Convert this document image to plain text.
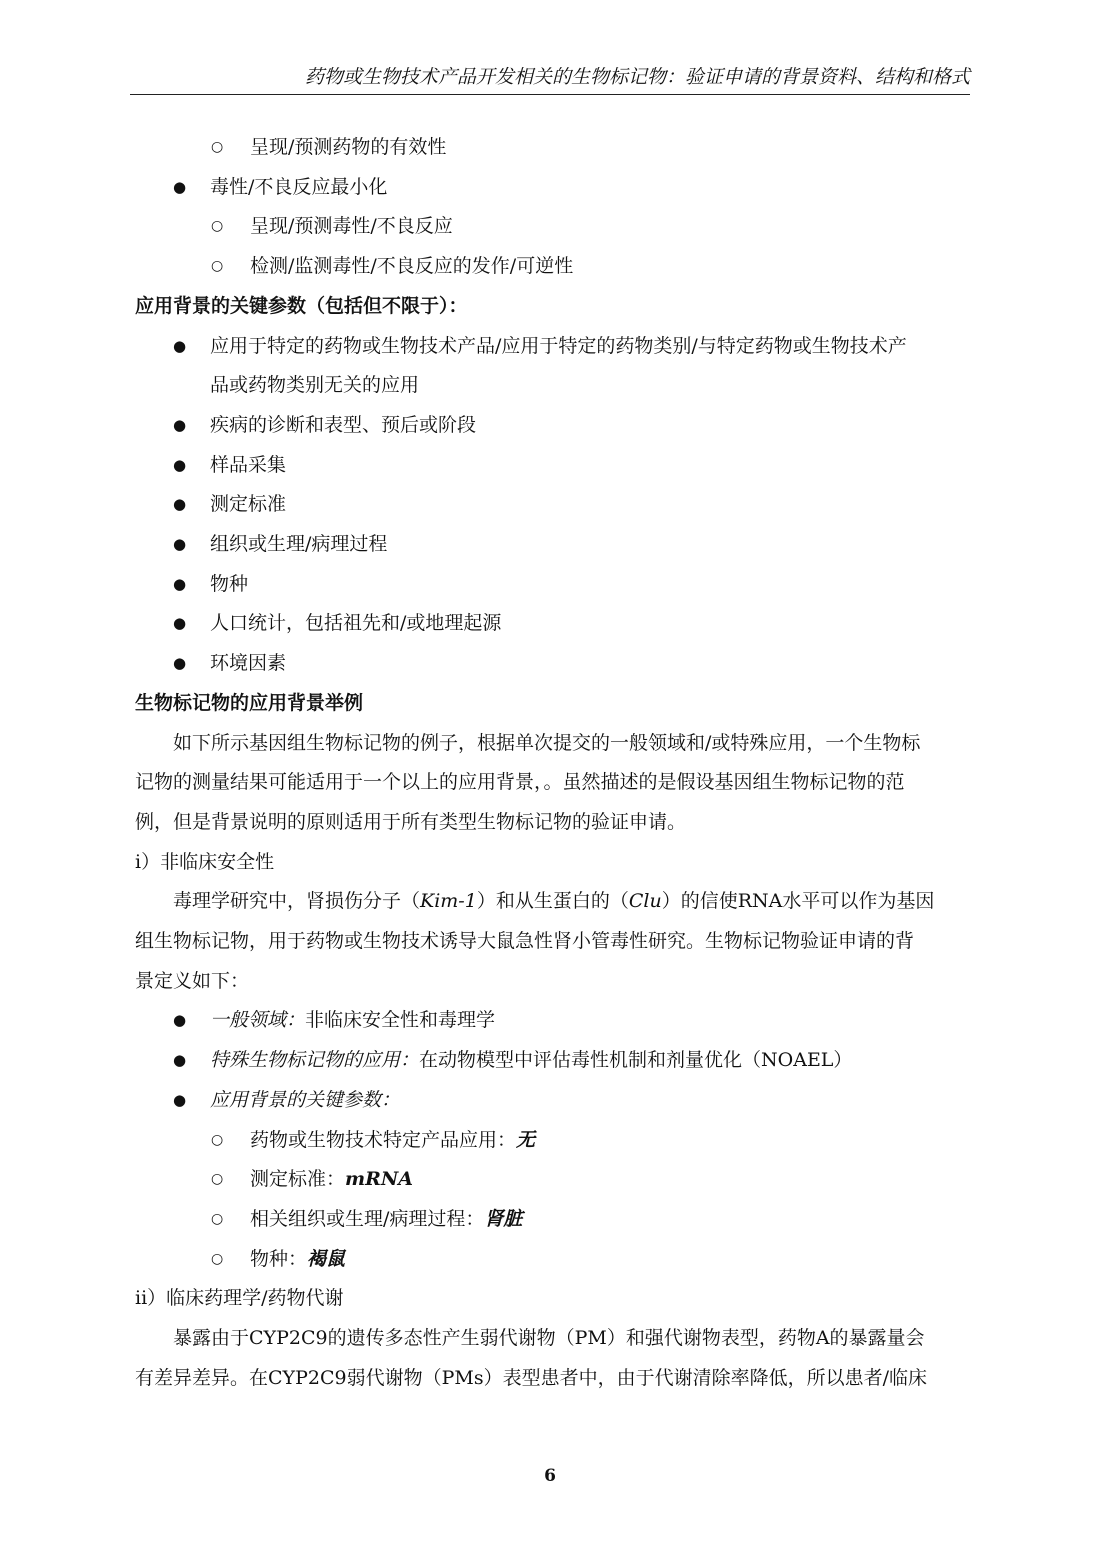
药物或生物技术产品开发相关的生物标记物：验证申请的背景资料、结构和格式
○ 呈现/预测药物的有效性
● 毒性/不良反应最小化
○ 呈现/预测毒性/不良反应
○ 检测/监测毒性/不良反应的发作/可逆性
应用背景的关键参数（包括但不限于）：
● 应用于特定的药物或生物技术产品/应用于特定的药物类别/与特定药物或生物技术产
品或药物类别无关的应用
● 疾病的诊断和表型、预后或阶段
● 样品采集
● 测定标准
● 组织或生理/病理过程
● 物种
● 人口统计，包括祖先和/或地理起源
● 环境因素
生物标记物的应用背景举例
如下所示基因组生物标记物的例子，根据单次提交的一般领域和/或特殊应用，一个生物标
记物的测量结果可能适用于一个以上的应用背景，。虽然描述的是假设基因组生物标记物的范
例，但是背景说明的原则适用于所有类型生物标记物的验证申请。
i）非临床安全性
毒理学研究中，肾损伤分子（Kim-1）和从生蛋白的（Clu）的信使RNA水平可以作为基因
组生物标记物，用于药物或生物技术诱导大鼠急性肾小管毒性研究。生物标记物验证申请的背
景定义如下：
● 一般领域：非临床安全性和毒理学
● 特殊生物标记物的应用：在动物模型中评估毒性机制和剂量优化（NOAEL）
● 应用背景的关键参数：
○ 药物或生物技术特定产品应用：无
○ 测定标准：mRNA
○ 相关组织或生理/病理过程：肾脏
○ 物种：褐鼠
ii）临床药理学/药物代谢
暴露由于CYP2C9的遗传多态性产生弱代谢物（PM）和强代谢物表型，药物A的暴露量会
有差异差异。在CYP2C9弱代谢物（PMs）表型患者中，由于代谢清除率降低，所以患者/临床
6
